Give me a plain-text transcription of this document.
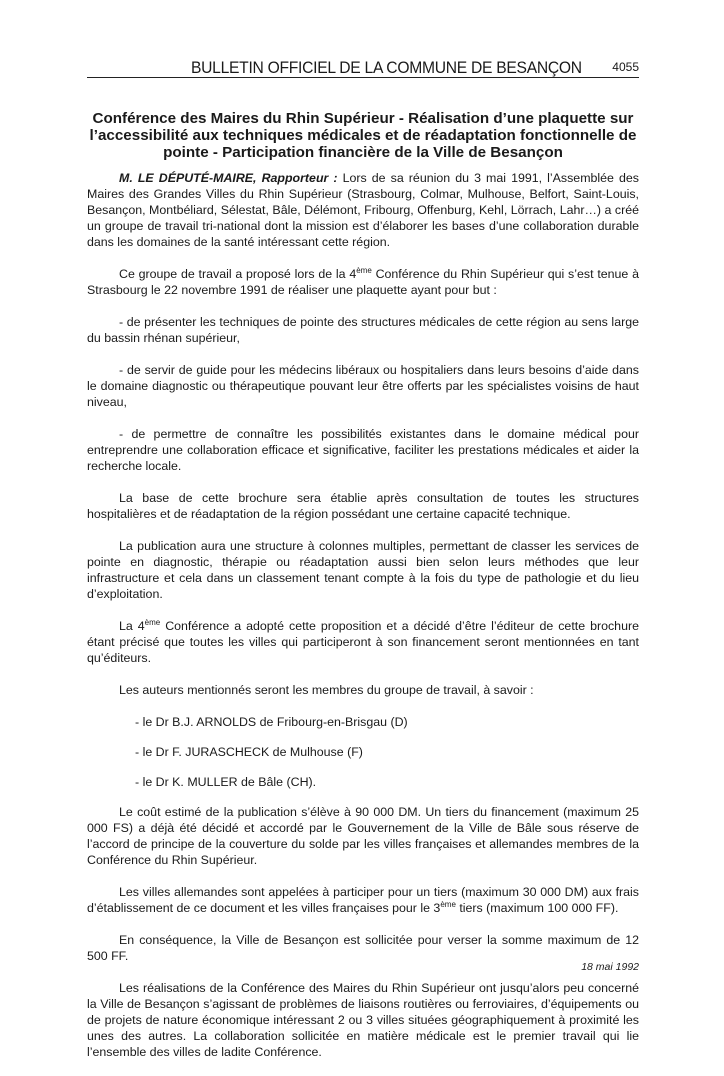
BULLETIN OFFICIEL DE LA COMMUNE DE BESANÇON	4055
Conférence des Maires du Rhin Supérieur - Réalisation d’une plaquette sur l’accessibilité aux techniques médicales et de réadaptation fonctionnelle de pointe - Participation financière de la Ville de Besançon

M. LE DÉPUTÉ-MAIRE, Rapporteur : Lors de sa réunion du 3 mai 1991, l’Assemblée des Maires des Grandes Villes du Rhin Supérieur (Strasbourg, Colmar, Mulhouse, Belfort, Saint-Louis, Besançon, Montbéliard, Sélestat, Bâle, Délémont, Fribourg, Offenburg, Kehl, Lörrach, Lahr…) a créé un groupe de travail tri-national dont la mission est d’élaborer les bases d’une collaboration durable dans les domaines de la santé intéressant cette région.

Ce groupe de travail a proposé lors de la 4ème Conférence du Rhin Supérieur qui s’est tenue à Strasbourg le 22 novembre 1991 de réaliser une plaquette ayant pour but :

- de présenter les techniques de pointe des structures médicales de cette région au sens large du bassin rhénan supérieur,

- de servir de guide pour les médecins libéraux ou hospitaliers dans leurs besoins d’aide dans le domaine diagnostic ou thérapeutique pouvant leur être offerts par les spécialistes voisins de haut niveau,

- de permettre de connaître les possibilités existantes dans le domaine médical pour entreprendre une collaboration efficace et significative, faciliter les prestations médicales et aider la recherche locale.

La base de cette brochure sera établie après consultation de toutes les structures hospitalières et de réadaptation de la région possédant une certaine capacité technique.

La publication aura une structure à colonnes multiples, permettant de classer les services de pointe en diagnostic, thérapie ou réadaptation aussi bien selon leurs méthodes que leur infrastructure et cela dans un classement tenant compte à la fois du type de pathologie et du lieu d’exploitation.

La 4ème Conférence a adopté cette proposition et a décidé d’être l’éditeur de cette brochure étant précisé que toutes les villes qui participeront à son financement seront mentionnées en tant qu’éditeurs.

Les auteurs mentionnés seront les membres du groupe de travail, à savoir :

- le Dr B.J. ARNOLDS de Fribourg-en-Brisgau (D)

- le Dr F. JURASCHECK de Mulhouse (F)

- le Dr K. MULLER de Bâle (CH).

Le coût estimé de la publication s’élève à 90 000 DM. Un tiers du financement (maximum 25 000 FS) a déjà été décidé et accordé par le Gouvernement de la Ville de Bâle sous réserve de l’accord de principe de la couverture du solde par les villes françaises et allemandes membres de la Conférence du Rhin Supérieur.

Les villes allemandes sont appelées à participer pour un tiers (maximum 30 000 DM) aux frais d’établissement de ce document et les villes françaises pour le 3ème tiers (maximum 100 000 FF).

En conséquence, la Ville de Besançon est sollicitée pour verser la somme maximum de 12 500 FF.

Les réalisations de la Conférence des Maires du Rhin Supérieur ont jusqu’alors peu concerné la Ville de Besançon s’agissant de problèmes de liaisons routières ou ferroviaires, d’équipements ou de projets de nature économique intéressant 2 ou 3 villes situées géographiquement à proximité les unes des autres. La collaboration sollicitée en matière médicale est le premier travail qui lie l’ensemble des villes de ladite Conférence.

18 mai 1992
